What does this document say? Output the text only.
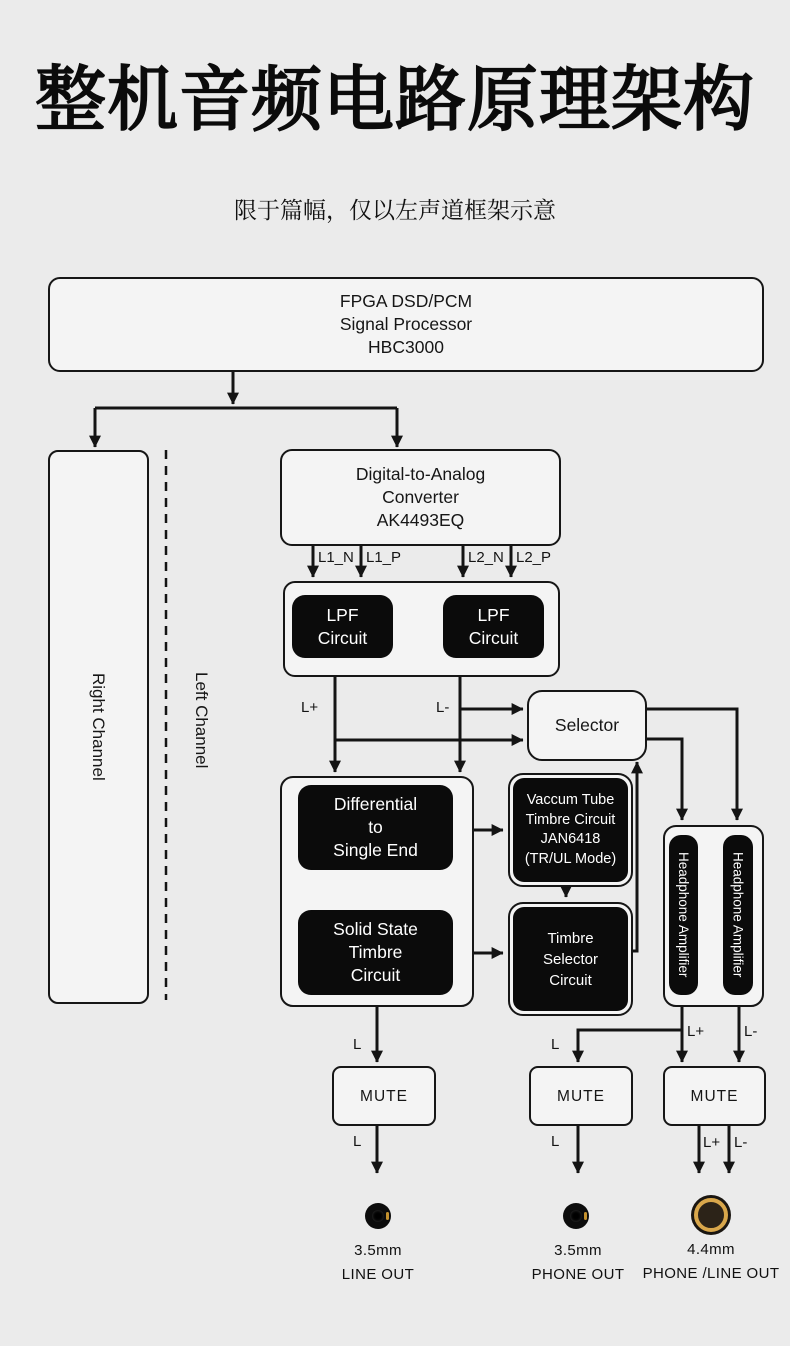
整机音频电路原理架构
限于篇幅，仅以左声道框架示意
FPGA DSD/PCM
Signal Processor
HBC3000
Right Channel	Left Channel
Digital-to-Analog
Converter
AK4493EQ
L1_N L1_P	L2_N L2_P
LPF
Circuit
LPF
Circuit
L+	L-
Selector
Differential
to
Single End
Solid State
Timbre
Circuit
Vaccum Tube
Timbre Circuit
JAN6418
(TR/UL Mode)
Timbre
Selector
Circuit
Headphone Amplifier	Headphone Amplifier
L+	L-
L
L
MUTE	MUTE	MUTE
L	L	L+ L-
3.5mm
LINE OUT
3.5mm
PHONE OUT
4.4mm
PHONE /LINE OUT
